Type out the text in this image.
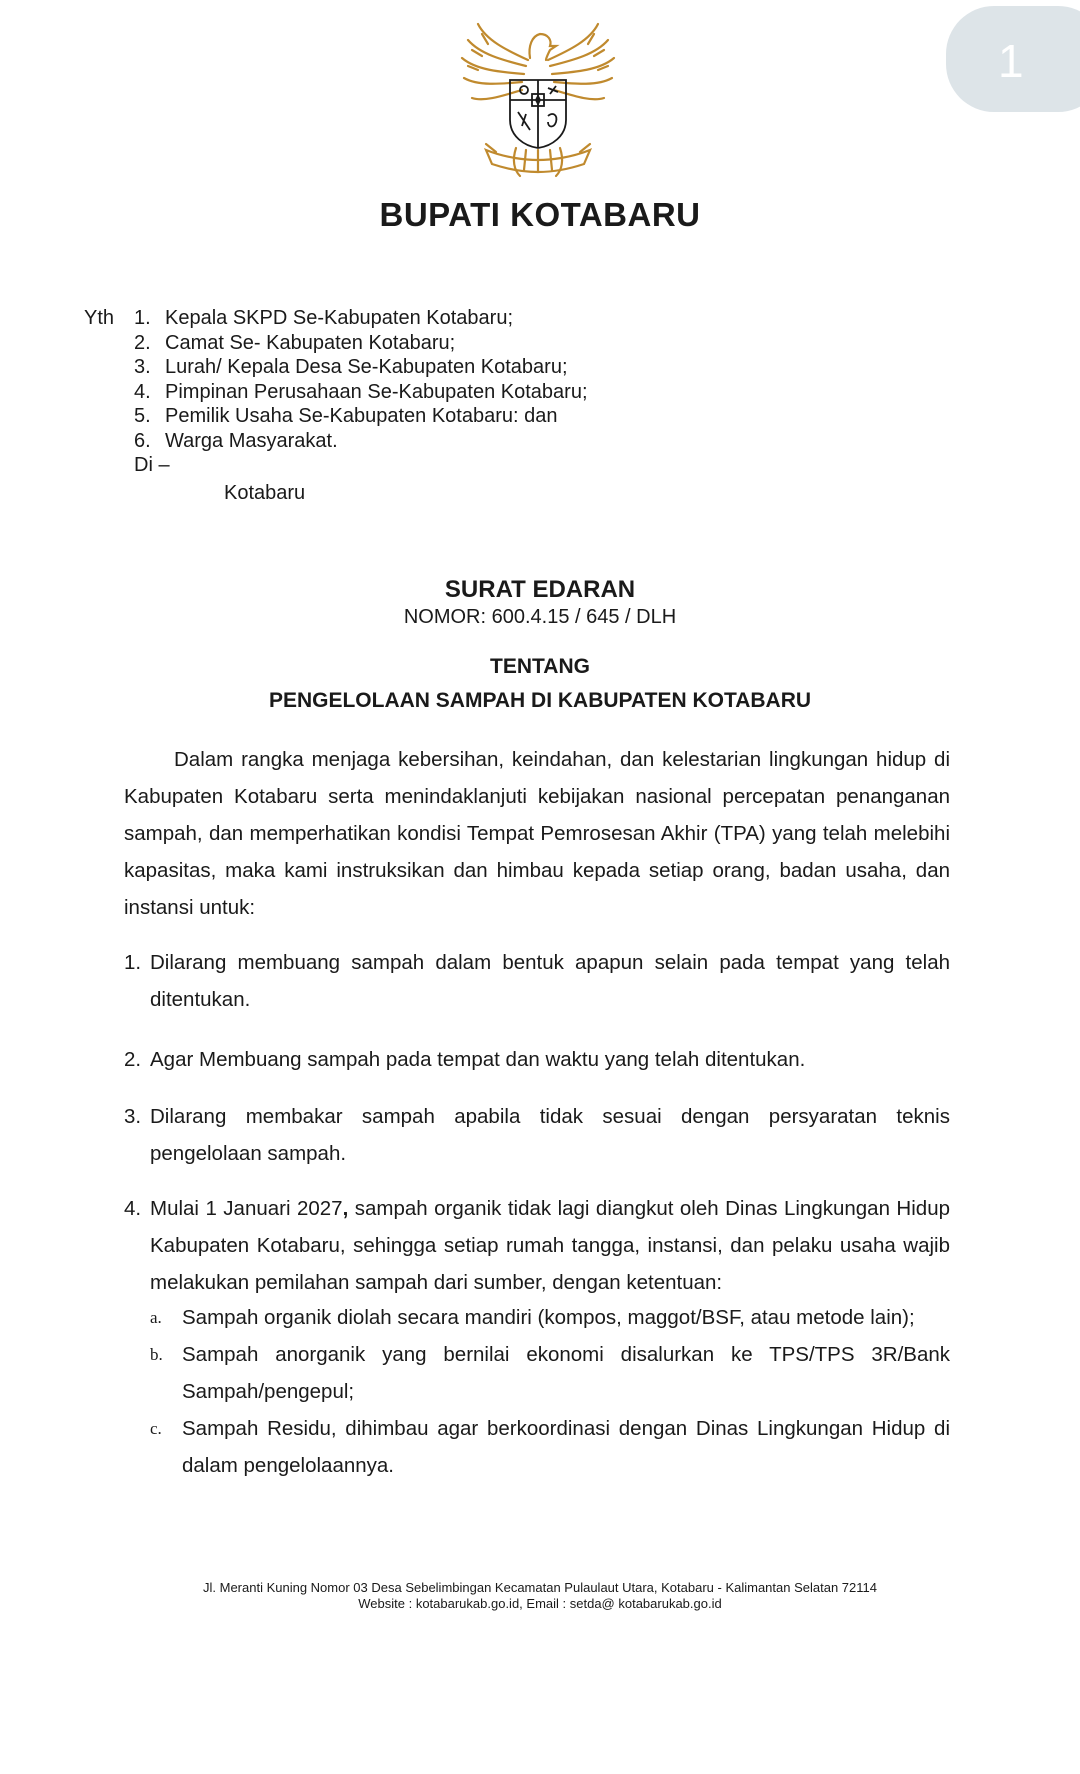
1
BUPATI KOTABARU
Yth 1. Kepala SKPD Se-Kabupaten Kotabaru;
2. Camat Se- Kabupaten Kotabaru;
3. Lurah/ Kepala Desa Se-Kabupaten Kotabaru;
4. Pimpinan Perusahaan Se-Kabupaten Kotabaru;
5. Pemilik Usaha Se-Kabupaten Kotabaru: dan
6. Warga Masyarakat.
Di –
Kotabaru
SURAT EDARAN
NOMOR: 600.4.15 / 645 / DLH
TENTANG
PENGELOLAAN SAMPAH DI KABUPATEN KOTABARU
Dalam rangka menjaga kebersihan, keindahan, dan kelestarian lingkungan hidup di Kabupaten Kotabaru serta menindaklanjuti kebijakan nasional percepatan penanganan sampah, dan memperhatikan kondisi Tempat Pemrosesan Akhir (TPA) yang telah melebihi kapasitas, maka kami instruksikan dan himbau kepada setiap orang, badan usaha, dan instansi untuk:
1. Dilarang membuang sampah dalam bentuk apapun selain pada tempat yang telah ditentukan.
2. Agar Membuang sampah pada tempat dan waktu yang telah ditentukan.
3. Dilarang membakar sampah apabila tidak sesuai dengan persyaratan teknis pengelolaan sampah.
4. Mulai 1 Januari 2027, sampah organik tidak lagi diangkut oleh Dinas Lingkungan Hidup Kabupaten Kotabaru, sehingga setiap rumah tangga, instansi, dan pelaku usaha wajib melakukan pemilahan sampah dari sumber, dengan ketentuan:
a. Sampah organik diolah secara mandiri (kompos, maggot/BSF, atau metode lain);
b. Sampah anorganik yang bernilai ekonomi disalurkan ke TPS/TPS 3R/Bank Sampah/pengepul;
c. Sampah Residu, dihimbau agar berkoordinasi dengan Dinas Lingkungan Hidup di dalam pengelolaannya.
Jl. Meranti Kuning Nomor 03 Desa Sebelimbingan Kecamatan Pulaulaut Utara, Kotabaru - Kalimantan Selatan 72114
Website : kotabarukab.go.id, Email : setda@ kotabarukab.go.id
